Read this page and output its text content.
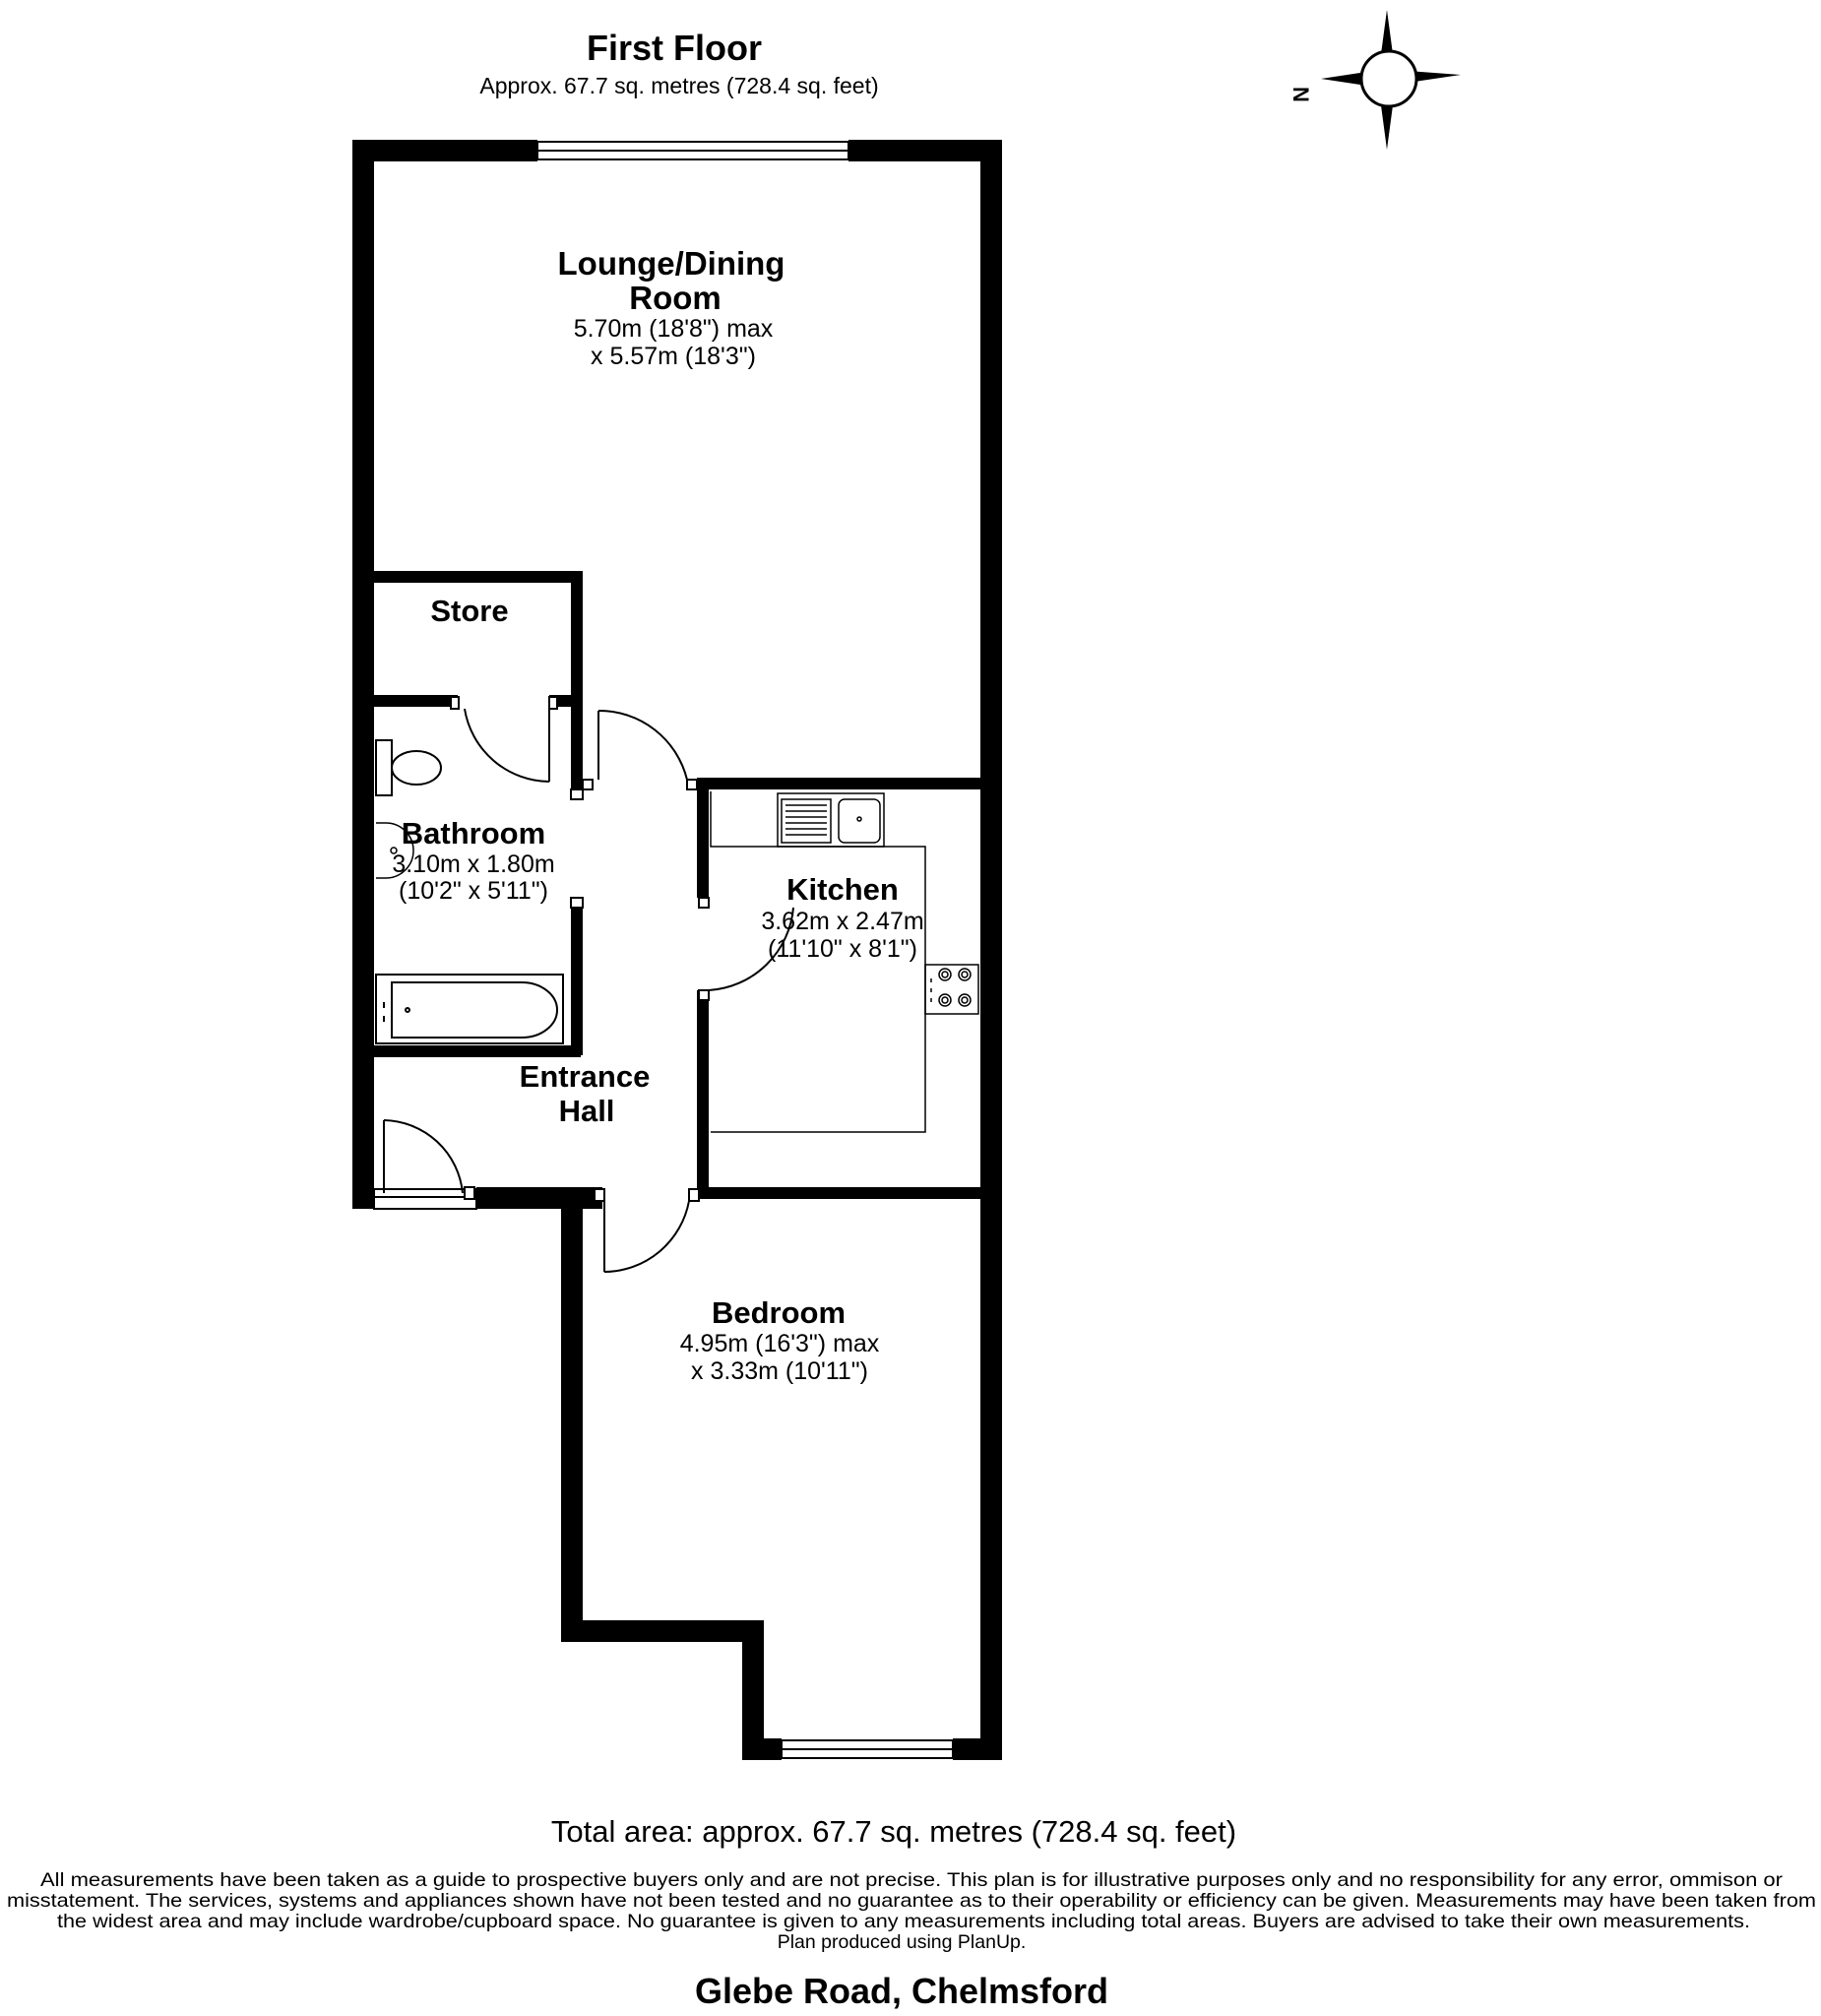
First Floor
Approx. 67.7 sq. metres (728.4 sq. feet)	N
Lounge/Dining
Room
5.70m (18'8") max
x 5.57m (18'3")
Store
Bathroom
3.10m x 1.80m
(10'2" x 5'11")	Kitchen
3.62m x 2.47m
(11'10" x 8'1")
Entrance
Hall
Bedroom
4.95m (16'3") max
x 3.33m (10'11")
Total area: approx. 67.7 sq. metres (728.4 sq. feet)
All measurements have been taken as a guide to prospective buyers only and are not precise. This plan is for illustrative purposes only and no responsibility for any error, ommison or
misstatement. The services, systems and appliances shown have not been tested and no guarantee as to their operability or efficiency can be given. Measurements may have been taken from
the widest area and may include wardrobe/cupboard space. No guarantee is given to any measurements including total areas. Buyers are advised to take their own measurements.
Plan produced using PlanUp.
Glebe Road, Chelmsford
